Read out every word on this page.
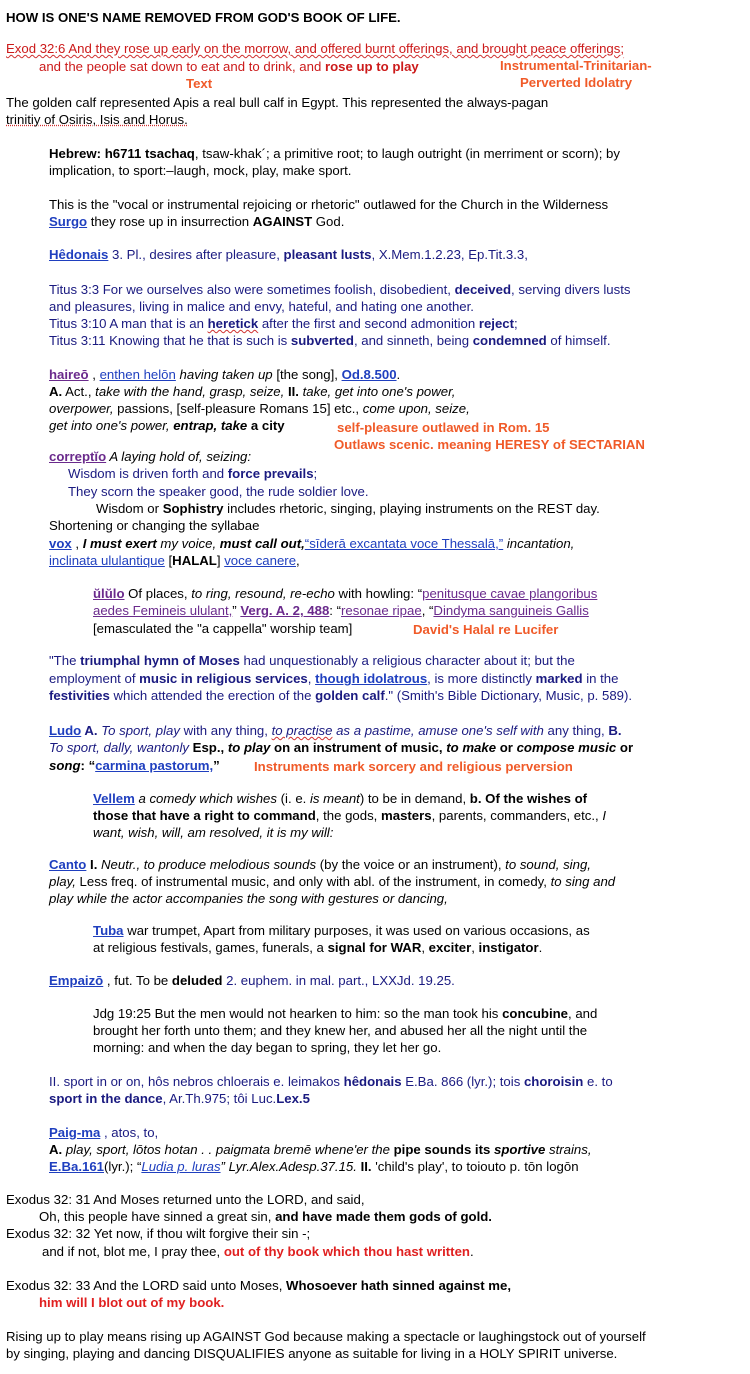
HOW IS ONE'S NAME REMOVED FROM GOD'S BOOK OF LIFE.
Exod 32:6 And they rose up early on the morrow, and offered burnt offerings, and brought peace offerings;
and the people sat down to eat and to drink, and rose up to play	Instrumental-Trinitarian-
Text	Perverted Idolatry
The golden calf represented Apis a real bull calf in Egypt. This represented the always-pagan
trinitiy of Osiris, Isis and Horus.
Hebrew: h6711 tsachaq, tsaw-khak´; a primitive root; to laugh outright (in merriment or scorn); by
implication, to sport:–laugh, mock, play, make sport.
This is the "vocal or instrumental rejoicing or rhetoric" outlawed for the Church in the Wilderness
Surgo they rose up in insurrection AGAINST God.
Hêdonais 3. Pl., desires after pleasure, pleasant lusts, X.Mem.1.2.23, Ep.Tit.3.3,
Titus 3:3 For we ourselves also were sometimes foolish, disobedient, deceived, serving divers lusts
and pleasures, living in malice and envy, hateful, and hating one another.
Titus 3:10 A man that is an heretick after the first and second admonition reject;
Titus 3:11 Knowing that he that is such is subverted, and sinneth, being condemned of himself.
haireō , enthen helōn having taken up [the song], Od.8.500.
A. Act., take with the hand, grasp, seize, II. take, get into one's power,
overpower, passions, [self-pleasure Romans 15] etc., come upon, seize,
get into one's power, entrap, take a city	self-pleasure outlawed in Rom. 15
Outlaws scenic. meaning HERESY of SECTARIAN
correptĭo A laying hold of, seizing:
Wisdom is driven forth and force prevails;
They scorn the speaker good, the rude soldier love.
Wisdom or Sophistry includes rhetoric, singing, playing instruments on the REST day.
Shortening or changing the syllabae
vox , I must exert my voice, must call out,“sīderā excantata voce Thessalā,” incantation,
inclinata ululantique [HALAL] voce canere,
ŭlŭlo Of places, to ring, resound, re-echo with howling: “penitusque cavae plangoribus
aedes Femineis ululant,” Verg. A. 2, 488: “resonae ripae, “Dindyma sanguineis Gallis
[emasculated the "a cappella" worship team]	David's Halal re Lucifer
"The triumphal hymn of Moses had unquestionably a religious character about it; but the
employment of music in religious services, though idolatrous, is more distinctly marked in the
festivities which attended the erection of the golden calf." (Smith's Bible Dictionary, Music, p. 589).
Ludo A. To sport, play with any thing, to practise as a pastime, amuse one's self with any thing, B.
To sport, dally, wantonly Esp., to play on an instrument of music, to make or compose music or
song: “carmina pastorum,”	Instruments mark sorcery and religious perversion
Vellem a comedy which wishes (i. e. is meant) to be in demand, b. Of the wishes of
those that have a right to command, the gods, masters, parents, commanders, etc., I
want, wish, will, am resolved, it is my will:
Canto I. Neutr., to produce melodious sounds (by the voice or an instrument), to sound, sing,
play, Less freq. of instrumental music, and only with abl. of the instrument, in comedy, to sing and
play while the actor accompanies the song with gestures or dancing,
Tuba war trumpet, Apart from military purposes, it was used on various occasions, as
at religious festivals, games, funerals, a signal for WAR, exciter, instigator.
Empaizō , fut. To be deluded 2. euphem. in mal. part., LXXJd. 19.25.
Jdg 19:25 But the men would not hearken to him: so the man took his concubine, and
brought her forth unto them; and they knew her, and abused her all the night until the
morning: and when the day began to spring, they let her go.
II. sport in or on, hôs nebros chloerais e. leimakos hêdonais E.Ba. 866 (lyr.); tois choroisin e. to
sport in the dance, Ar.Th.975; tôi Luc.Lex.5
Paig-ma , atos, to,
A. play, sport, lōtos hotan . . paigmata bremē whene'er the pipe sounds its sportive strains,
E.Ba.161(lyr.); “Ludia p. luras” Lyr.Alex.Adesp.37.15. II. 'child's play', to toiouto p. tōn logōn
Exodus 32: 31 And Moses returned unto the LORD, and said,
Oh, this people have sinned a great sin, and have made them gods of gold.
Exodus 32: 32 Yet now, if thou wilt forgive their sin -;
and if not, blot me, I pray thee, out of thy book which thou hast written.
Exodus 32: 33 And the LORD said unto Moses, Whosoever hath sinned against me,
him will I blot out of my book.
Rising up to play means rising up AGAINST God because making a spectacle or laughingstock out of yourself
by singing, playing and dancing DISQUALIFIES anyone as suitable for living in a HOLY SPIRIT universe.
